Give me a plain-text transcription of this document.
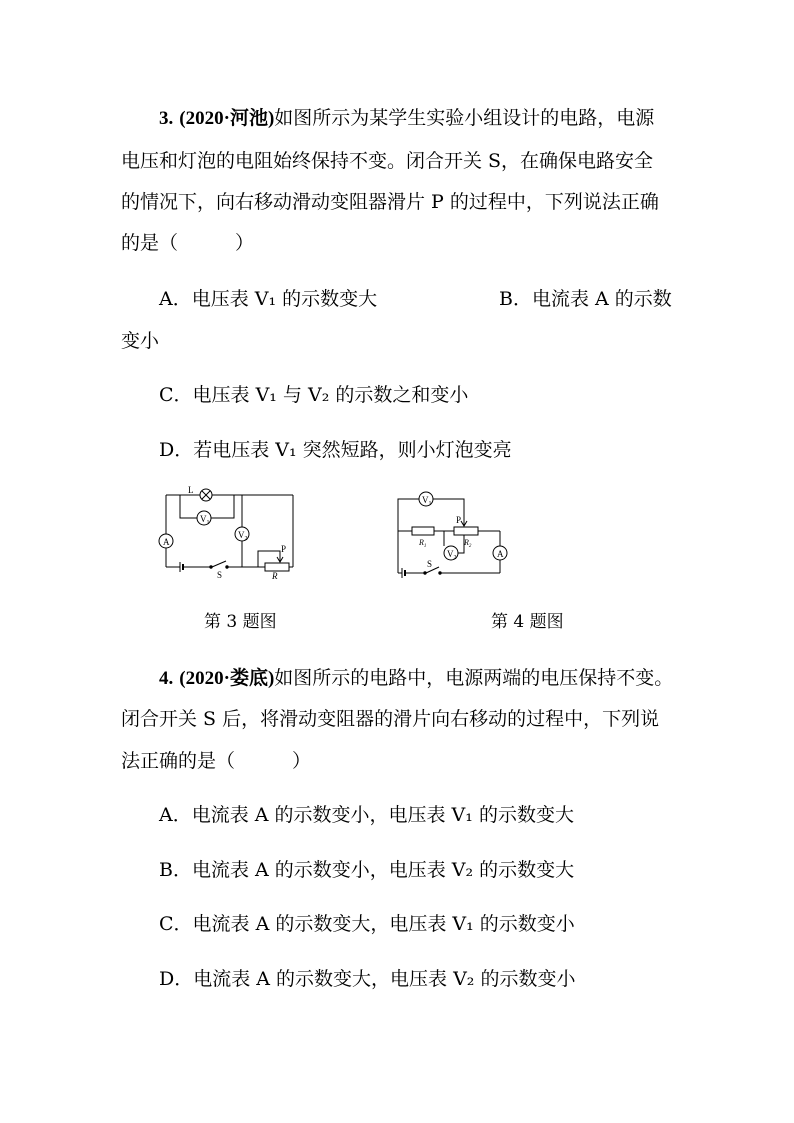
3. (2020·河池)如图所示为某学生实验小组设计的电路，电源
电压和灯泡的电阻始终保持不变。闭合开关 S，在确保电路安全
的情况下，向右移动滑动变阻器滑片 P 的过程中，下列说法正确
的是（　　　）
A．电压表 V₁ 的示数变大	B．电流表 A 的示数
变小
C．电压表 V₁ 与 V₂ 的示数之和变小
D．若电压表 V₁ 突然短路，则小灯泡变亮
L
A
$V_1$
$V_2$
S
P
R
$V_1$
$R_1$	$R_2$
P
$V_2$	A
S
第 3 题图	第 4 题图
4. (2020·娄底)如图所示的电路中，电源两端的电压保持不变。
闭合开关 S 后，将滑动变阻器的滑片向右移动的过程中，下列说
法正确的是（　　　）
A．电流表 A 的示数变小，电压表 V₁ 的示数变大
B．电流表 A 的示数变小，电压表 V₂ 的示数变大
C．电流表 A 的示数变大，电压表 V₁ 的示数变小
D．电流表 A 的示数变大，电压表 V₂ 的示数变小
